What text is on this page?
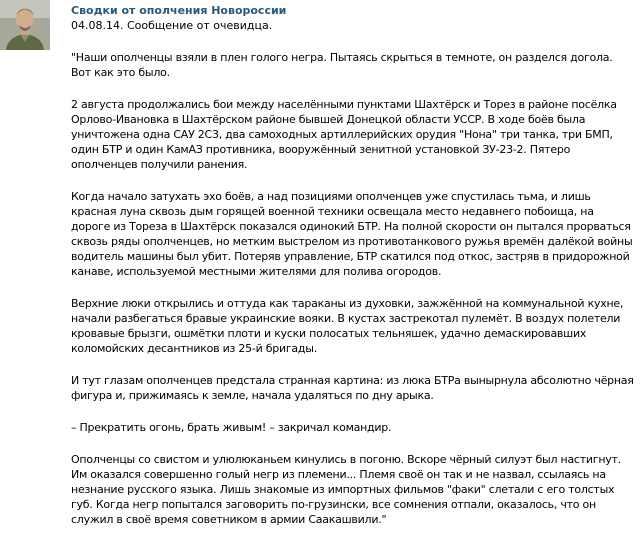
Сводки от ополчения Новороссии
04.08.14. Сообщение от очевидца.

"Наши ополченцы взяли в плен голого негра. Пытаясь скрыться в темноте, он разделся догола. Вот как это было.

2 августа продолжались бои между населёнными пунктами Шахтёрск и Торез в районе посёлка Орлово-Ивановка в Шахтёрском районе бывшей Донецкой области УССР. В ходе боёв была уничтожена одна САУ 2С3, два самоходных артиллерийских орудия "Нона" три танка, три БМП, один БТР и один КамАЗ противника, вооружённый зенитной установкой ЗУ-23-2. Пятеро ополченцев получили ранения.

Когда начало затухать эхо боёв, а над позициями ополченцев уже спустилась тьма, и лишь красная луна сквозь дым горящей военной техники освещала место недавнего побоища, на дороге из Тореза в Шахтёрск показался одинокий БТР. На полной скорости он пытался прорваться сквозь ряды ополченцев, но метким выстрелом из противотанкового ружья времён далёкой войны водитель машины был убит. Потеряв управление, БТР скатился под откос, застряв в придорожной канаве, используемой местными жителями для полива огородов.

Верхние люки открылись и оттуда как тараканы из духовки, зажжённой на коммунальной кухне, начали разбегаться бравые украинские вояки. В кустах застрекотал пулемёт. В воздух полетели кровавые брызги, ошмётки плоти и куски полосатых тельняшек, удачно демаскировавших коломойских десантников из 25-й бригады.

И тут глазам ополченцев предстала странная картина: из люка БТРа вынырнула абсолютно чёрная фигура и, прижимаясь к земле, начала удаляться по дну арыка.

– Прекратить огонь, брать живым! – закричал командир.

Ополченцы со свистом и улюлюканьем кинулись в погоню. Вскоре чёрный силуэт был настигнут. Им оказался совершенно голый негр из племени... Племя своё он так и не назвал, ссылаясь на незнание русского языка. Лишь знакомые из импортных фильмов "факи" слетали с его толстых губ. Когда негр попытался заговорить по-грузински, все сомнения отпали, оказалось, что он служил в своё время советником в армии Саакашвили."
